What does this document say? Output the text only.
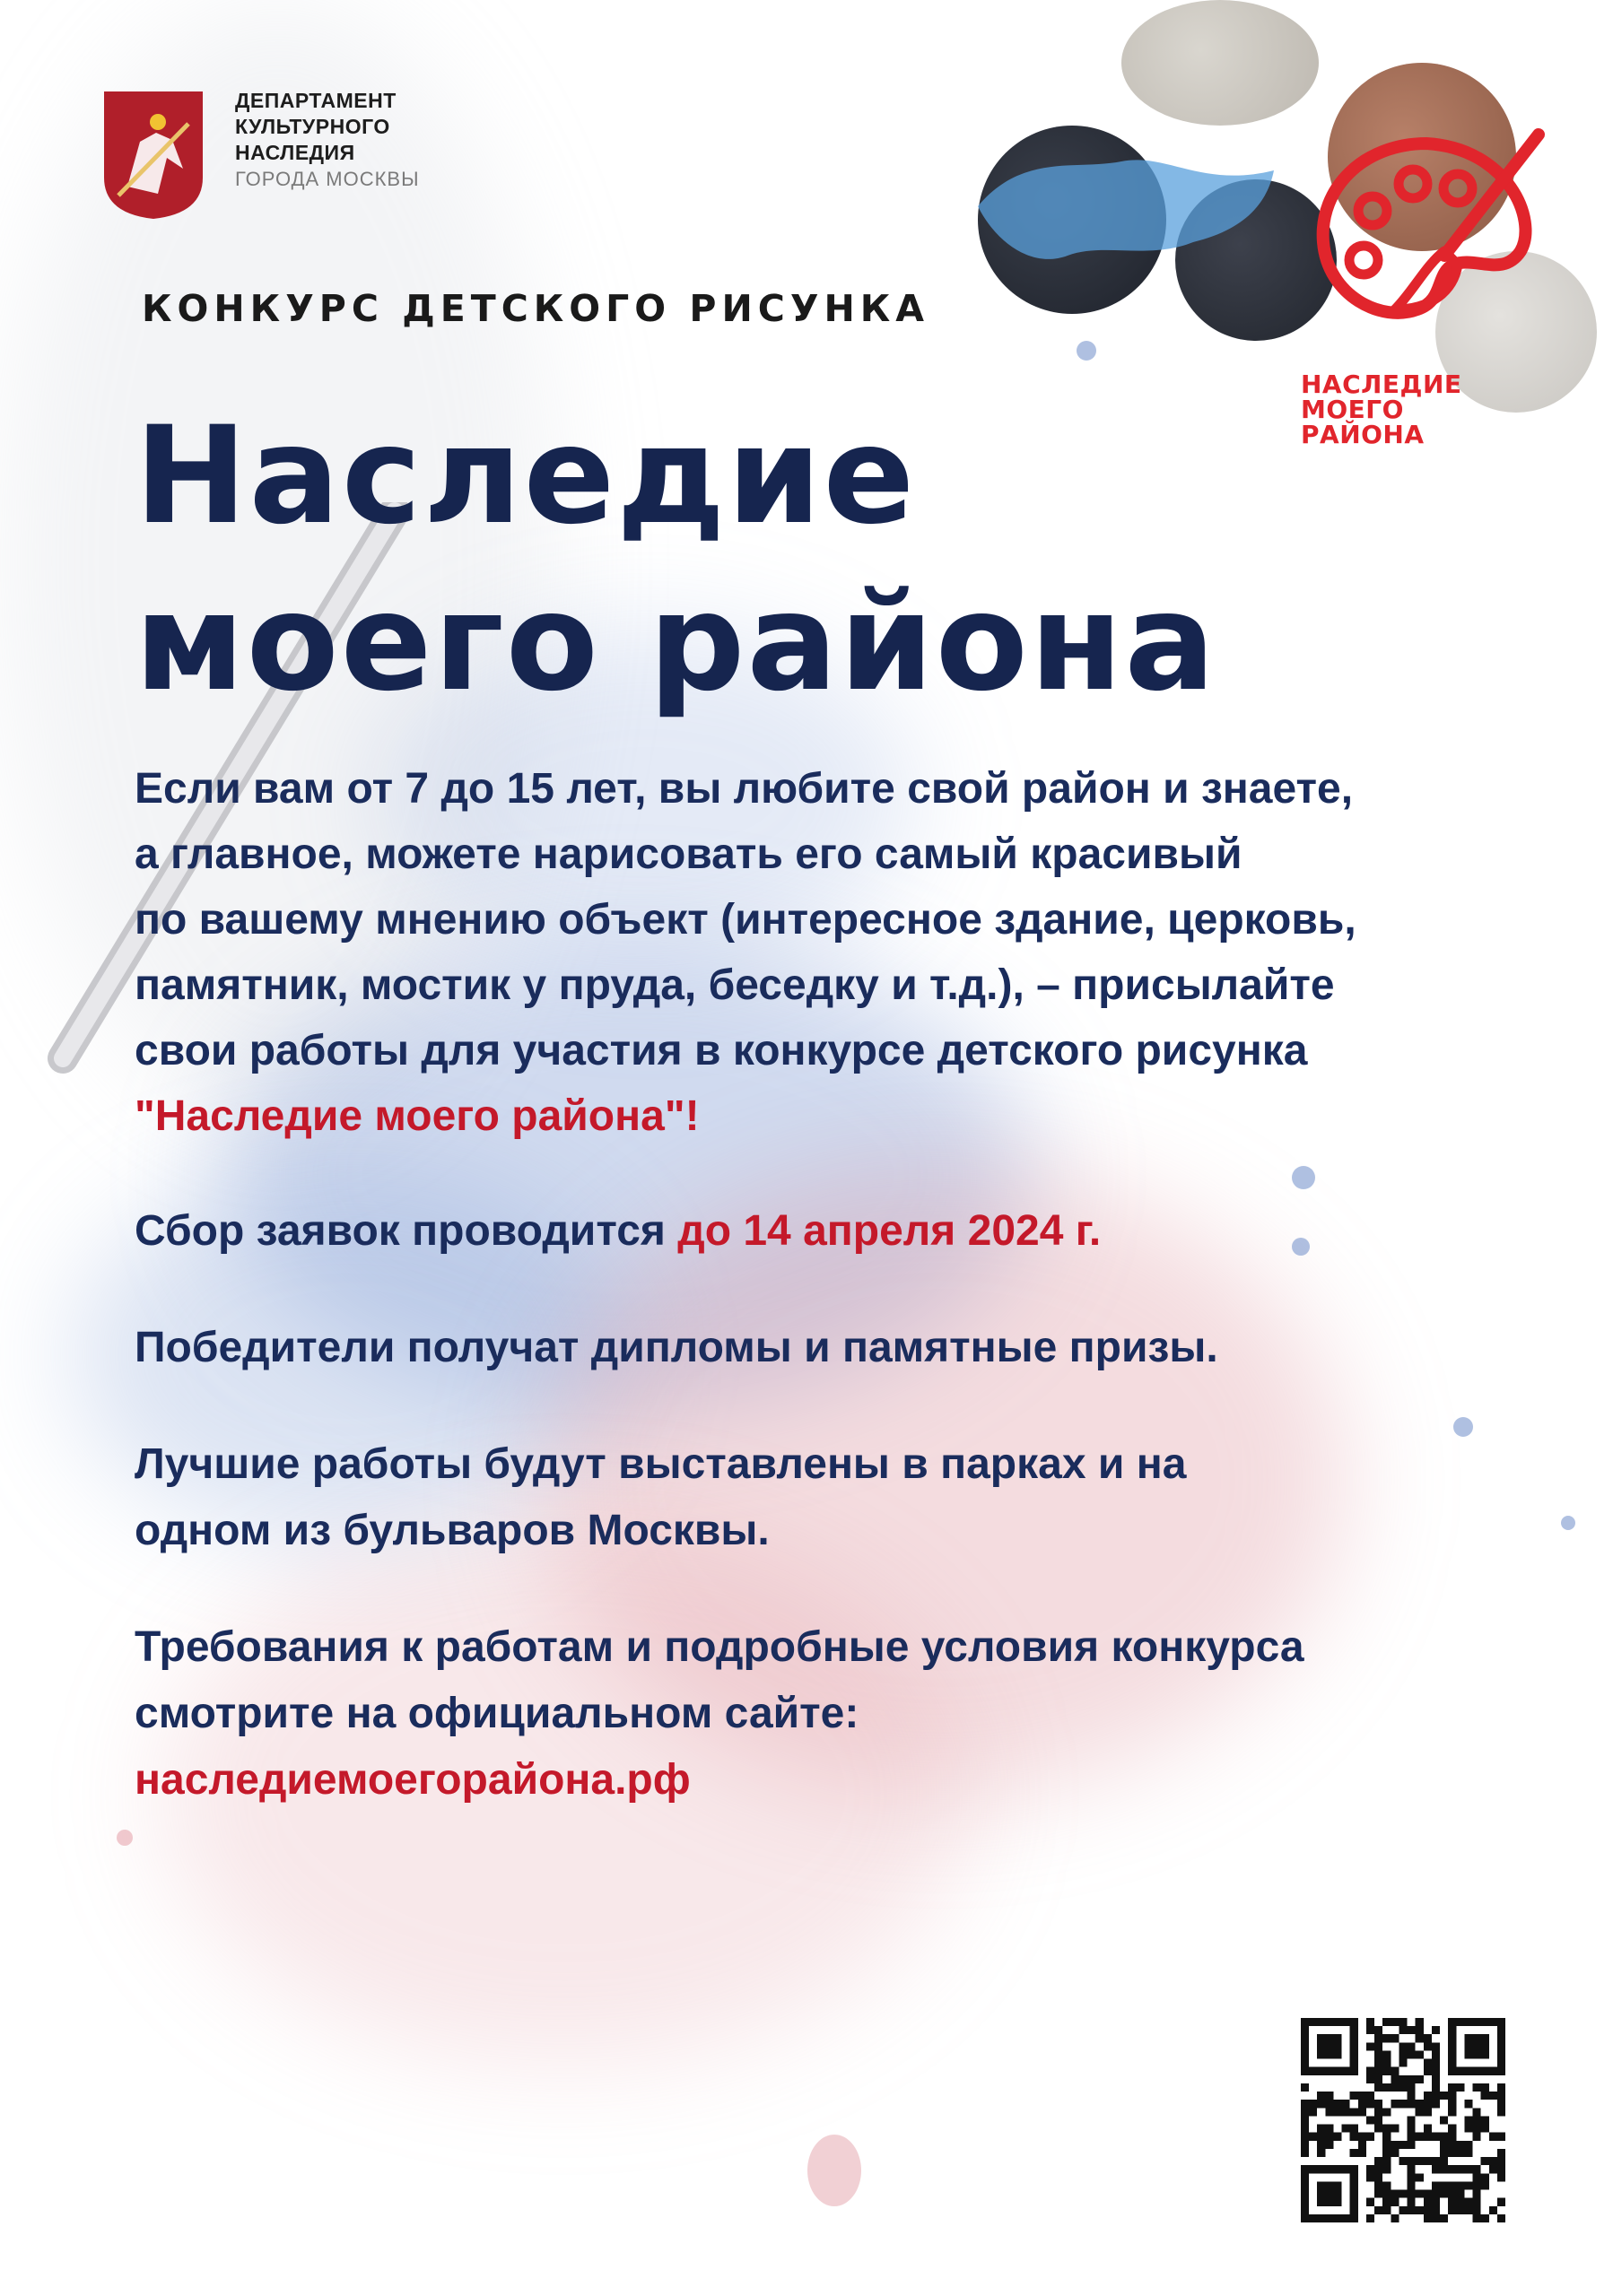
ДЕПАРТАМЕНТ
КУЛЬТУРНОГО
НАСЛЕДИЯ
ГОРОДА МОСКВЫ
КОНКУРС ДЕТСКОГО РИСУНКА
Наследие
моего района
НАСЛЕДИЕ
МОЕГО
РАЙОНА

Если вам от 7 до 15 лет, вы любите свой район и знаете,

а главное, можете нарисовать его самый красивый

по вашему мнению объект (интересное здание, церковь,

памятник, мостик у пруда, беседку и т.д.), – присылайте

свои работы для участия в конкурсе детского рисунка

"Наследие моего района"!

Сбор заявок проводится до 14 апреля 2024 г.

Победители получат дипломы и памятные призы.

Лучшие работы будут выставлены в парках и на

одном из бульваров Москвы.

Требования к работам и подробные условия конкурса

смотрите на официальном сайте:

наследиемоегорайона.рф
